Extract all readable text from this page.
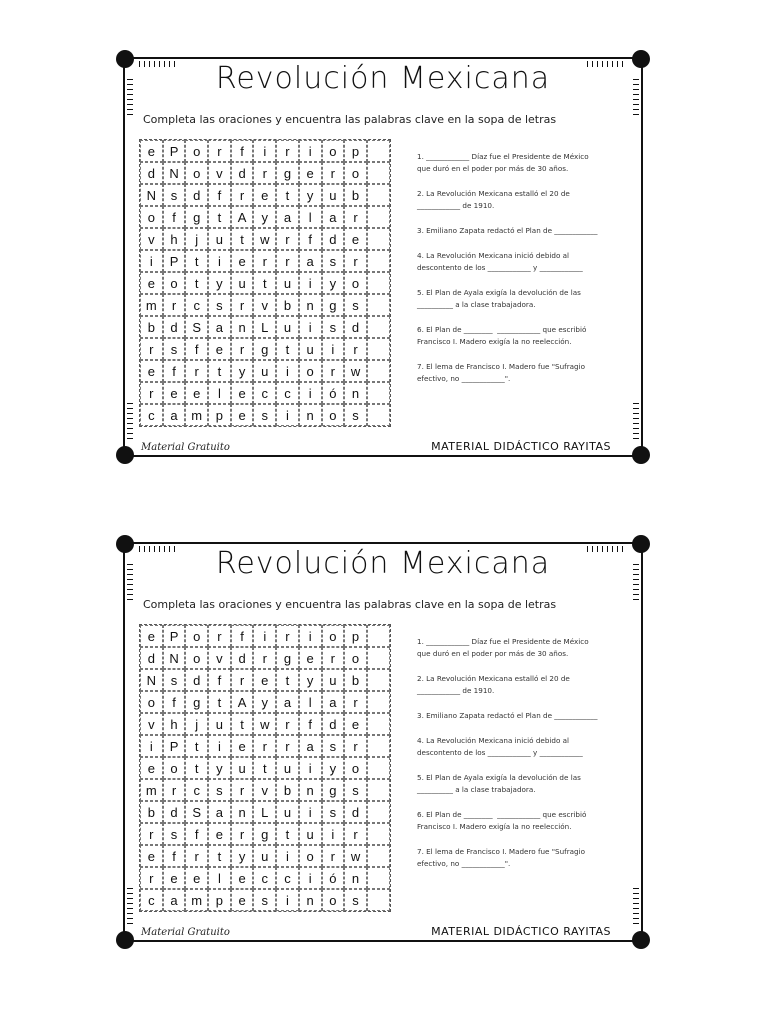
Revolución Mexicana
Completa las oraciones y encuentra las palabras clave en la sopa de letras
e	P	o	r	f	i	r	i	o	p
d	N	o	v	d	r	g	e	r	o
N	s	d	f	r	e	t	y	u	b
o	f	g	t	A	y	a	l	a	r
v	h	j	u	t	w	r	f	d	e
i	P	t	i	e	r	r	a	s	r
e	o	t	y	u	t	u	i	y	o
m	r	c	s	r	v	b	n	g	s
b	d	S	a	n	L	u	i	s	d
r	s	f	e	r	g	t	u	i	r
e	f	r	t	y	u	i	o	r	w
r	e	e	l	e	c	c	i	ó	n
c	a	m	p	e	s	i	n	o	s
1. ____________ Díaz fue el Presidente de México
que duró en el poder por más de 30 años.
2. La Revolución Mexicana estalló el 20 de
____________ de 1910.
3. Emiliano Zapata redactó el Plan de ____________
4. La Revolución Mexicana inició debido al
descontento de los ____________ y ____________
5. El Plan de Ayala exigía la devolución de las
__________ a la clase trabajadora.
6. El Plan de ________  ____________ que escribió
Francisco I. Madero exigía la no reelección.
7. El lema de Francisco I. Madero fue "Sufragio
efectivo, no ____________".
Material Gratuito	MATERIAL DIDÁCTICO RAYITAS
Revolución Mexicana
Completa las oraciones y encuentra las palabras clave en la sopa de letras
e	P	o	r	f	i	r	i	o	p
d	N	o	v	d	r	g	e	r	o
N	s	d	f	r	e	t	y	u	b
o	f	g	t	A	y	a	l	a	r
v	h	j	u	t	w	r	f	d	e
i	P	t	i	e	r	r	a	s	r
e	o	t	y	u	t	u	i	y	o
m	r	c	s	r	v	b	n	g	s
b	d	S	a	n	L	u	i	s	d
r	s	f	e	r	g	t	u	i	r
e	f	r	t	y	u	i	o	r	w
r	e	e	l	e	c	c	i	ó	n
c	a	m	p	e	s	i	n	o	s
1. ____________ Díaz fue el Presidente de México
que duró en el poder por más de 30 años.
2. La Revolución Mexicana estalló el 20 de
____________ de 1910.
3. Emiliano Zapata redactó el Plan de ____________
4. La Revolución Mexicana inició debido al
descontento de los ____________ y ____________
5. El Plan de Ayala exigía la devolución de las
__________ a la clase trabajadora.
6. El Plan de ________  ____________ que escribió
Francisco I. Madero exigía la no reelección.
7. El lema de Francisco I. Madero fue "Sufragio
efectivo, no ____________".
Material Gratuito	MATERIAL DIDÁCTICO RAYITAS
